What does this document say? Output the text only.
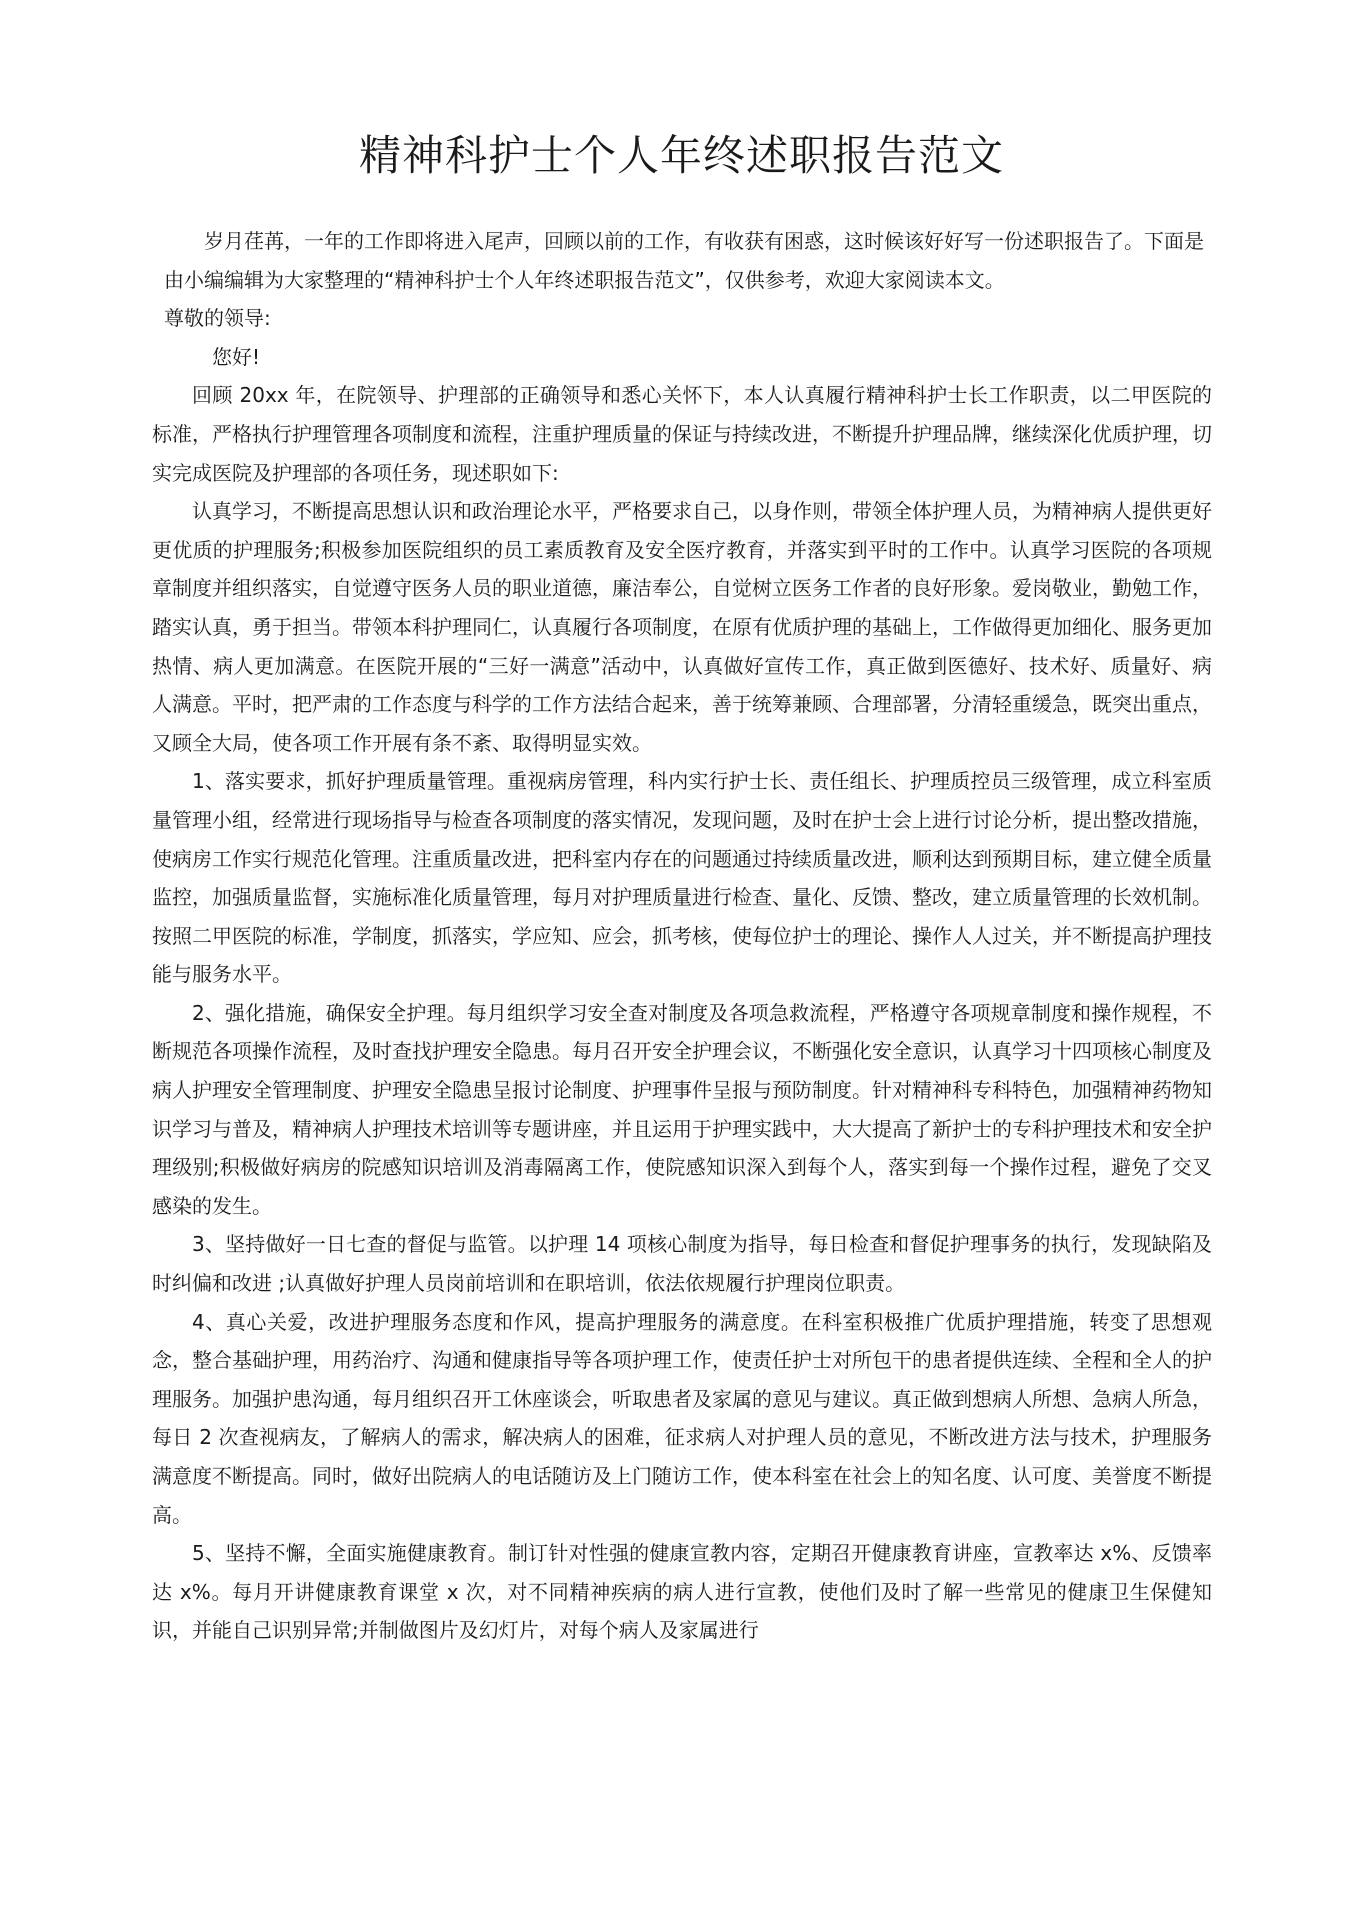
精神科护士个人年终述职报告范文

岁月荏苒，一年的工作即将进入尾声，回顾以前的工作，有收获有困惑，这时候该好好写一份述职报告了。下面是由小编编辑为大家整理的“精神科护士个人年终述职报告范文”，仅供参考，欢迎大家阅读本文。

尊敬的领导:

您好!

回顾 20xx 年，在院领导、护理部的正确领导和悉心关怀下，本人认真履行精神科护士长工作职责，以二甲医院的标准，严格执行护理管理各项制度和流程，注重护理质量的保证与持续改进，不断提升护理品牌，继续深化优质护理，切实完成医院及护理部的各项任务，现述职如下:

认真学习，不断提高思想认识和政治理论水平，严格要求自己，以身作则，带领全体护理人员，为精神病人提供更好更优质的护理服务;积极参加医院组织的员工素质教育及安全医疗教育，并落实到平时的工作中。认真学习医院的各项规章制度并组织落实，自觉遵守医务人员的职业道德，廉洁奉公，自觉树立医务工作者的良好形象。爱岗敬业，勤勉工作，踏实认真，勇于担当。带领本科护理同仁，认真履行各项制度，在原有优质护理的基础上，工作做得更加细化、服务更加热情、病人更加满意。在医院开展的“三好一满意”活动中，认真做好宣传工作，真正做到医德好、技术好、质量好、病人满意。平时，把严肃的工作态度与科学的工作方法结合起来，善于统筹兼顾、合理部署，分清轻重缓急，既突出重点，又顾全大局，使各项工作开展有条不紊、取得明显实效。

1、落实要求，抓好护理质量管理。重视病房管理，科内实行护士长、责任组长、护理质控员三级管理，成立科室质量管理小组，经常进行现场指导与检查各项制度的落实情况，发现问题，及时在护士会上进行讨论分析，提出整改措施，使病房工作实行规范化管理。注重质量改进，把科室内存在的问题通过持续质量改进，顺利达到预期目标，建立健全质量监控，加强质量监督，实施标准化质量管理，每月对护理质量进行检查、量化、反馈、整改，建立质量管理的长效机制。按照二甲医院的标准，学制度，抓落实，学应知、应会，抓考核，使每位护士的理论、操作人人过关，并不断提高护理技能与服务水平。

2、强化措施，确保安全护理。每月组织学习安全查对制度及各项急救流程，严格遵守各项规章制度和操作规程，不断规范各项操作流程，及时查找护理安全隐患。每月召开安全护理会议，不断强化安全意识，认真学习十四项核心制度及病人护理安全管理制度、护理安全隐患呈报讨论制度、护理事件呈报与预防制度。针对精神科专科特色，加强精神药物知识学习与普及，精神病人护理技术培训等专题讲座，并且运用于护理实践中，大大提高了新护士的专科护理技术和安全护理级别;积极做好病房的院感知识培训及消毒隔离工作，使院感知识深入到每个人，落实到每一个操作过程，避免了交叉感染的发生。

3、坚持做好一日七查的督促与监管。以护理 14 项核心制度为指导，每日检查和督促护理事务的执行，发现缺陷及时纠偏和改进 ;认真做好护理人员岗前培训和在职培训，依法依规履行护理岗位职责。

4、真心关爱，改进护理服务态度和作风，提高护理服务的满意度。在科室积极推广优质护理措施，转变了思想观念，整合基础护理，用药治疗、沟通和健康指导等各项护理工作，使责任护士对所包干的患者提供连续、全程和全人的护理服务。加强护患沟通，每月组织召开工休座谈会，听取患者及家属的意见与建议。真正做到想病人所想、急病人所急，每日 2 次查视病友，了解病人的需求，解决病人的困难，征求病人对护理人员的意见，不断改进方法与技术，护理服务满意度不断提高。同时，做好出院病人的电话随访及上门随访工作，使本科室在社会上的知名度、认可度、美誉度不断提高。

5、坚持不懈，全面实施健康教育。制订针对性强的健康宣教内容，定期召开健康教育讲座，宣教率达 x%、反馈率达 x%。每月开讲健康教育课堂 x 次，对不同精神疾病的病人进行宣教，使他们及时了解一些常见的健康卫生保健知识，并能自己识别异常;并制做图片及幻灯片，对每个病人及家属进行
